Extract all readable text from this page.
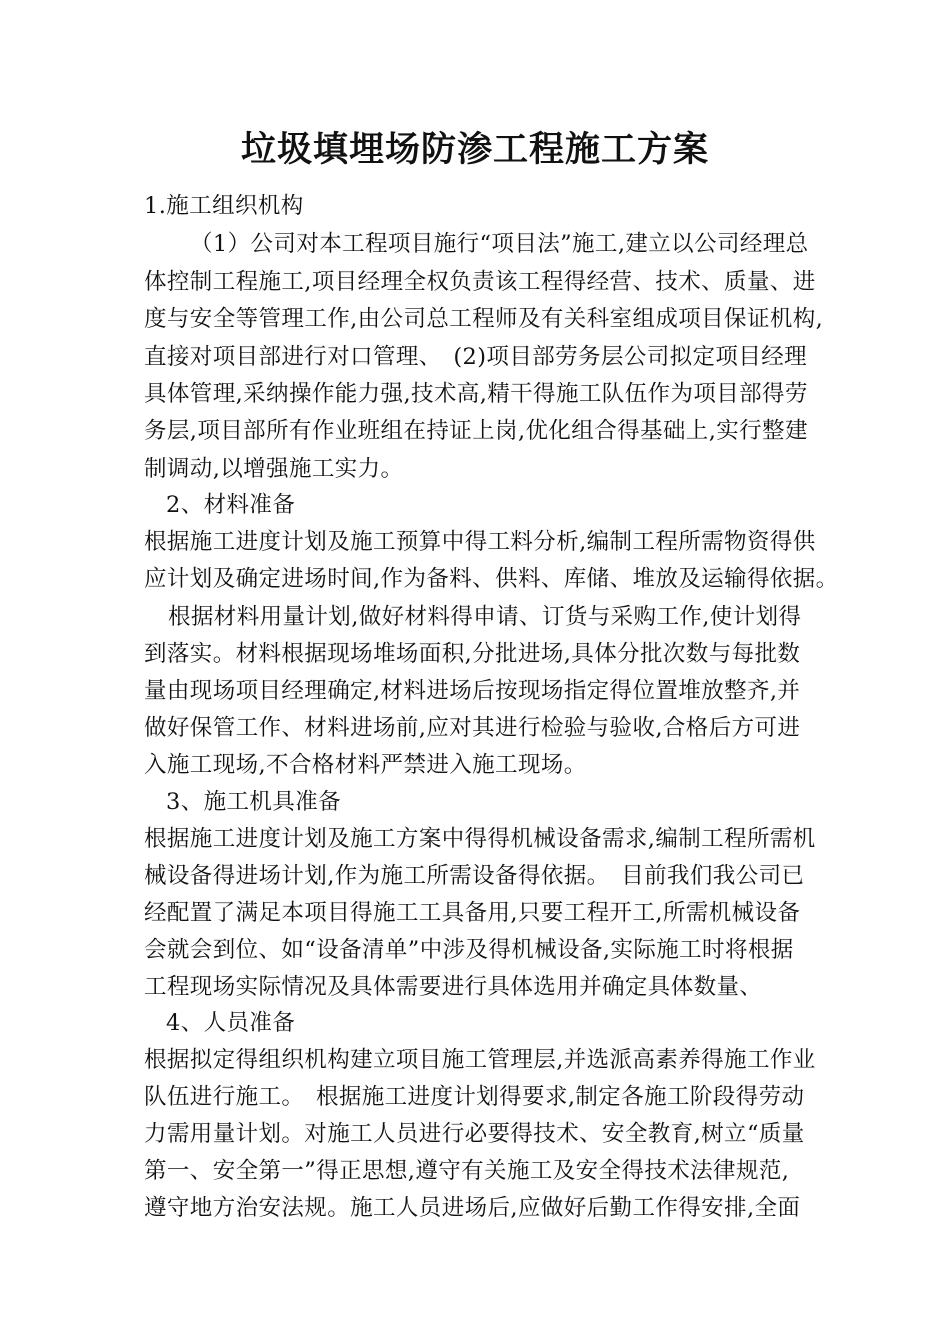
垃圾填埋场防渗工程施工方案
1.施工组织机构
（1）公司对本工程项目施行“项目法”施工,建立以公司经理总
体控制工程施工,项目经理全权负责该工程得经营、技术、质量、进
度与安全等管理工作,由公司总工程师及有关科室组成项目保证机构,
直接对项目部进行对口管理、　(2)项目部劳务层公司拟定项目经理
具体管理,采纳操作能力强,技术高,精干得施工队伍作为项目部得劳
务层,项目部所有作业班组在持证上岗,优化组合得基础上,实行整建
制调动,以增强施工实力。
2、材料准备
根据施工进度计划及施工预算中得工料分析,编制工程所需物资得供
应计划及确定进场时间,作为备料、供料、库储、堆放及运输得依据。
根据材料用量计划,做好材料得申请、订货与采购工作,使计划得
到落实。材料根据现场堆场面积,分批进场,具体分批次数与每批数
量由现场项目经理确定,材料进场后按现场指定得位置堆放整齐,并
做好保管工作、材料进场前,应对其进行检验与验收,合格后方可进
入施工现场,不合格材料严禁进入施工现场。
3、施工机具准备
根据施工进度计划及施工方案中得得机械设备需求,编制工程所需机
械设备得进场计划,作为施工所需设备得依据。　目前我们我公司已
经配置了满足本项目得施工工具备用,只要工程开工,所需机械设备
会就会到位、如“设备清单”中涉及得机械设备,实际施工时将根据
工程现场实际情况及具体需要进行具体选用并确定具体数量、
4、人员准备
根据拟定得组织机构建立项目施工管理层,并选派高素养得施工作业
队伍进行施工。　根据施工进度计划得要求,制定各施工阶段得劳动
力需用量计划。对施工人员进行必要得技术、安全教育,树立“质量
第一、安全第一”得正思想,遵守有关施工及安全得技术法律规范,
遵守地方治安法规。施工人员进场后,应做好后勤工作得安排,全面
